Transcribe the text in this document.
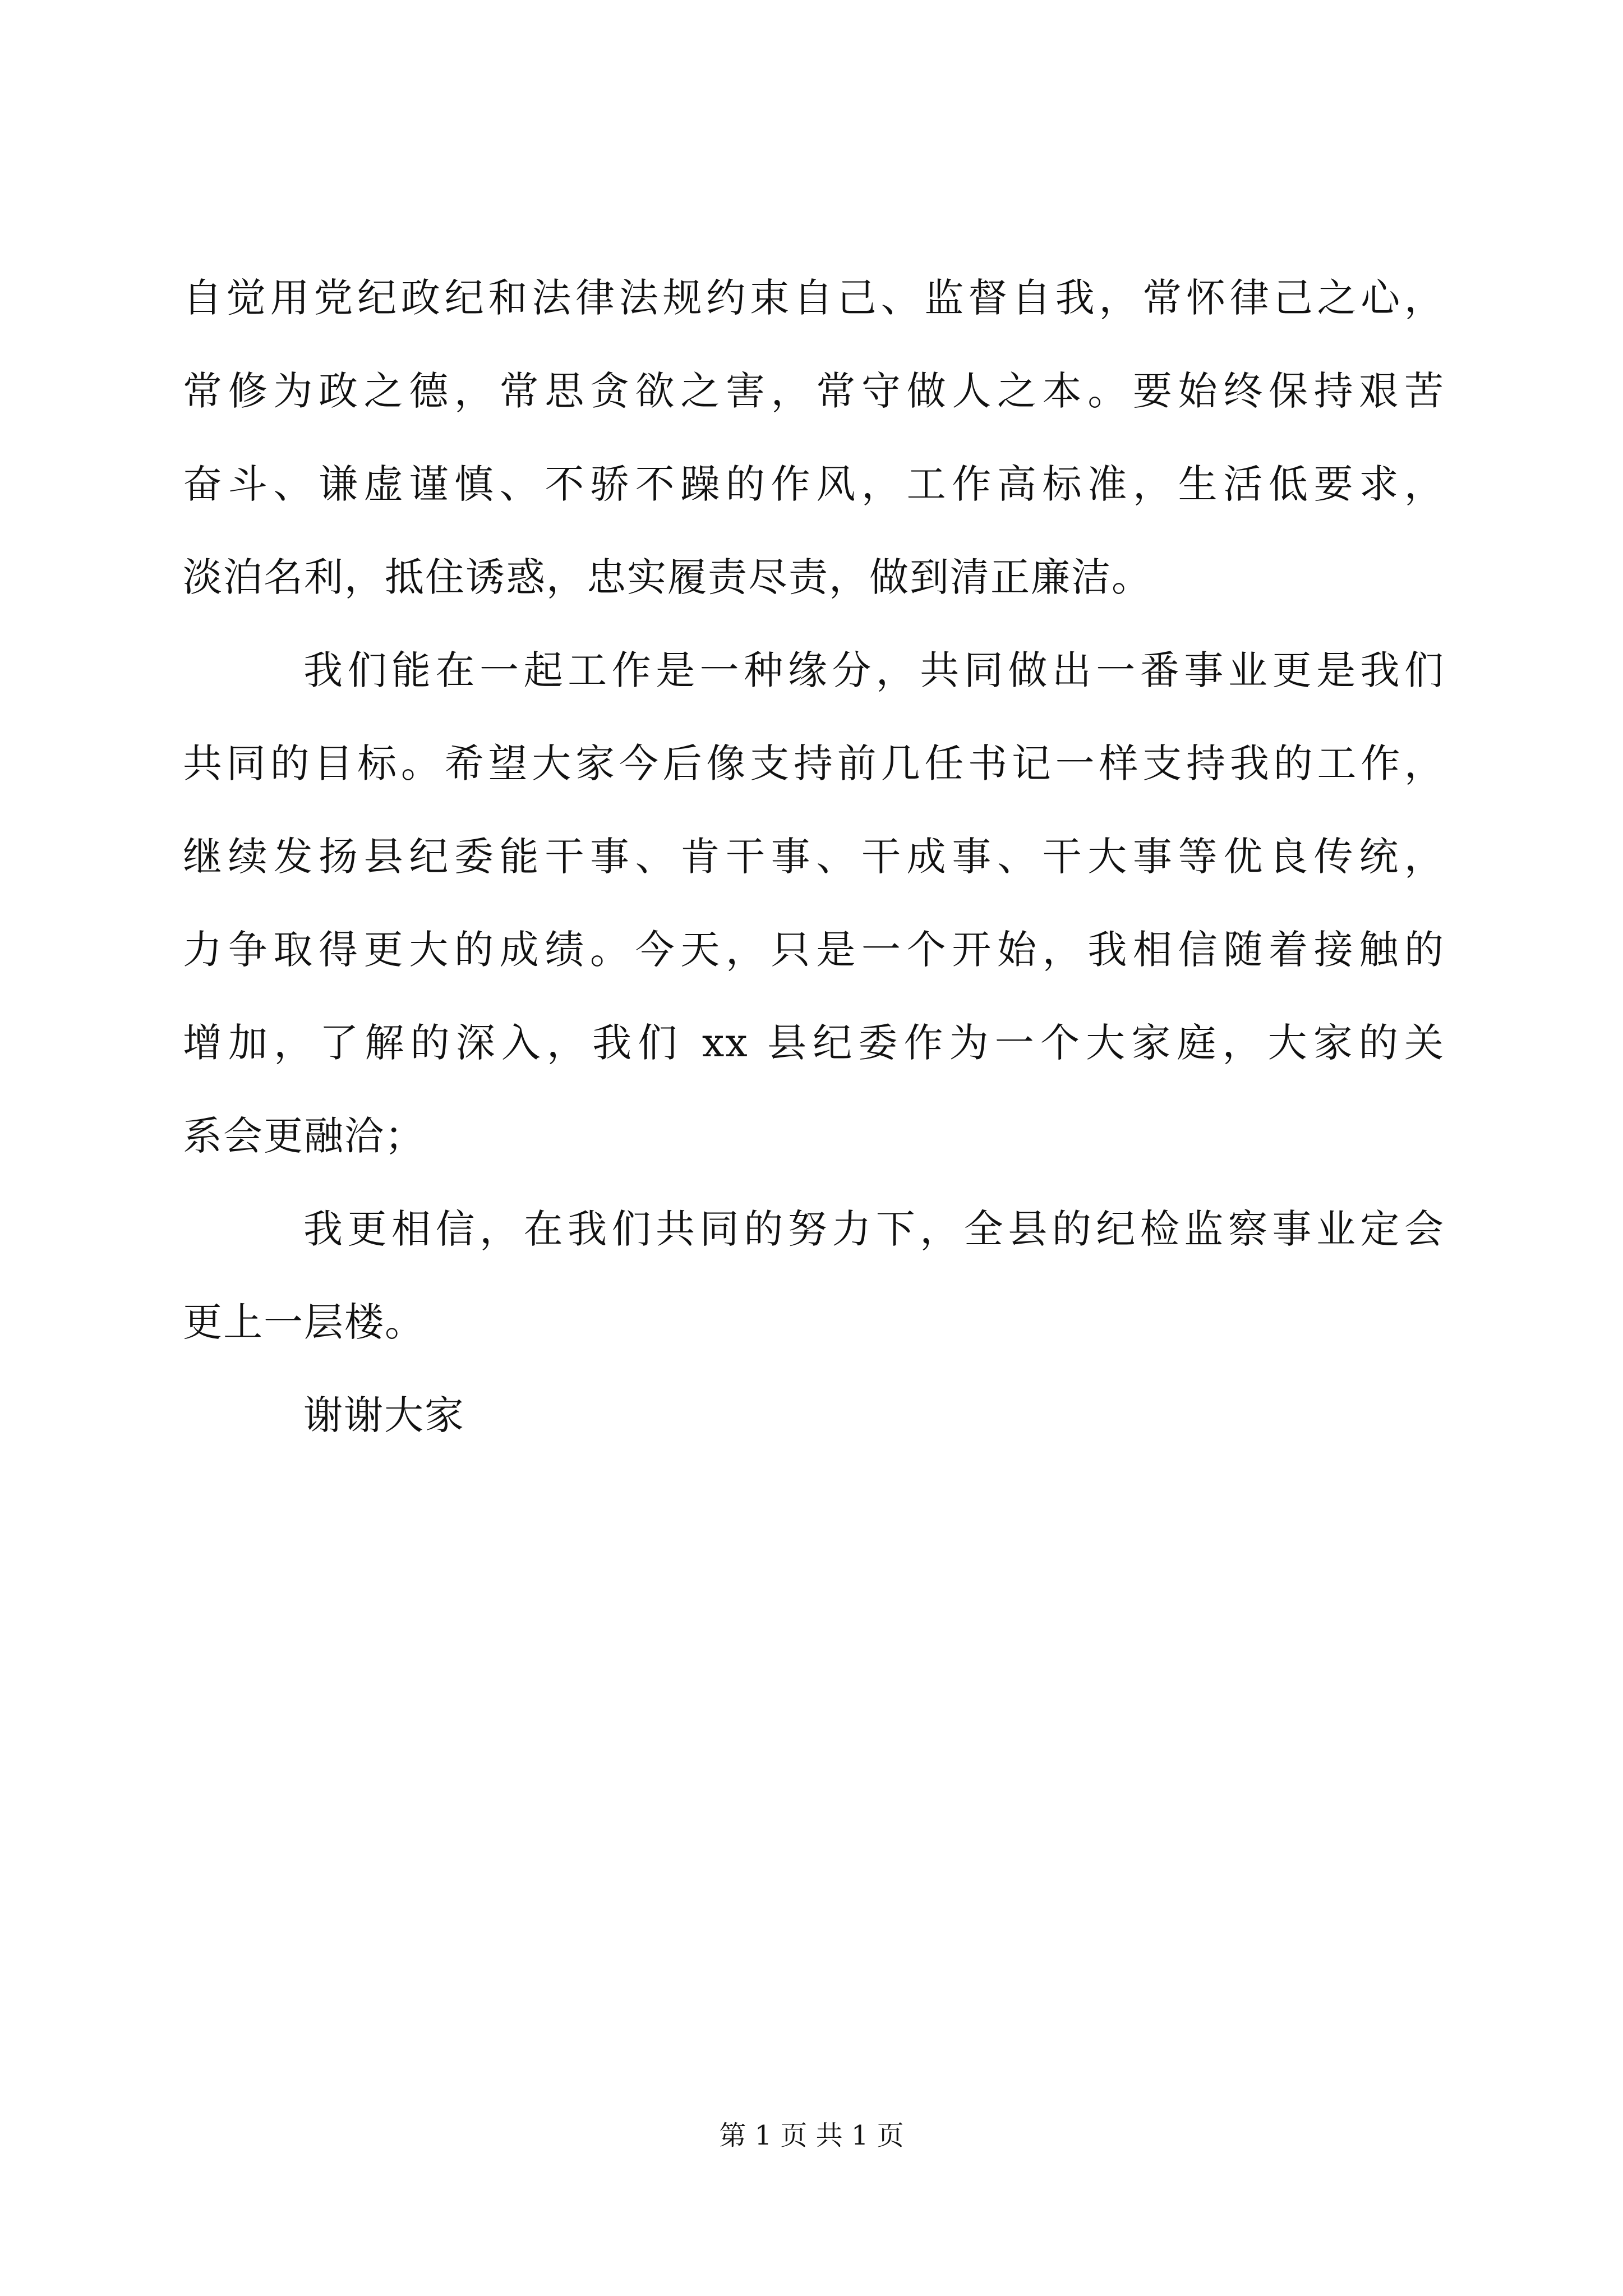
自觉用党纪政纪和法律法规约束自己、监督自我，常怀律己之心，
常修为政之德，常思贪欲之害，常守做人之本。要始终保持艰苦
奋斗、谦虚谨慎、不骄不躁的作风，工作高标准，生活低要求，
淡泊名利，抵住诱惑，忠实履责尽责，做到清正廉洁。
我们能在一起工作是一种缘分，共同做出一番事业更是我们
共同的目标。希望大家今后像支持前几任书记一样支持我的工作，
继续发扬县纪委能干事、肯干事、干成事、干大事等优良传统，
力争取得更大的成绩。今天，只是一个开始，我相信随着接触的
增加，了解的深入，我们 xx 县纪委作为一个大家庭，大家的关
系会更融洽；
我更相信，在我们共同的努力下，全县的纪检监察事业定会
更上一层楼。
谢谢大家
第 1 页 共 1 页
